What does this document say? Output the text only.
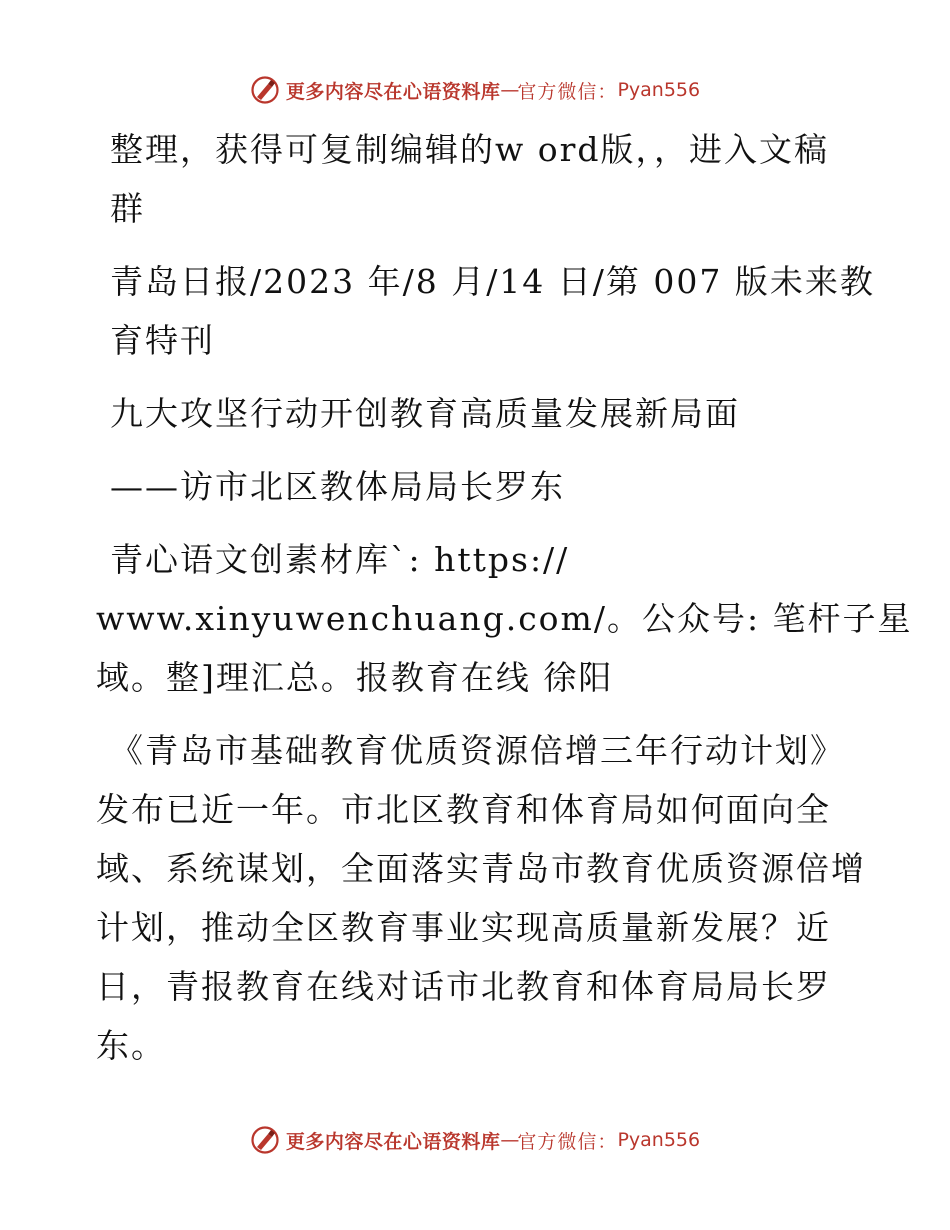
更多内容尽在心语资料库 — 官方微信： Pyan556
整理，获得可复制编辑的w ord版，，进入文稿
群
青岛日报/2023 年/8 月/14 日/第 007 版未来教
育特刊
九大攻坚行动开创教育高质量发展新局面
——访市北区教体局局长罗东
青心语文创素材库`: https://
www.xinyuwenchuang.com/。公众号: 笔杆子星
域。整]理汇总。报教育在线 徐阳
《青岛市基础教育优质资源倍增三年行动计划》
发布已近一年。市北区教育和体育局如何面向全
域、系统谋划，全面落实青岛市教育优质资源倍增
计划，推动全区教育事业实现高质量新发展？近
日，青报教育在线对话市北教育和体育局局长罗
东。
更多内容尽在心语资料库 — 官方微信： Pyan556
